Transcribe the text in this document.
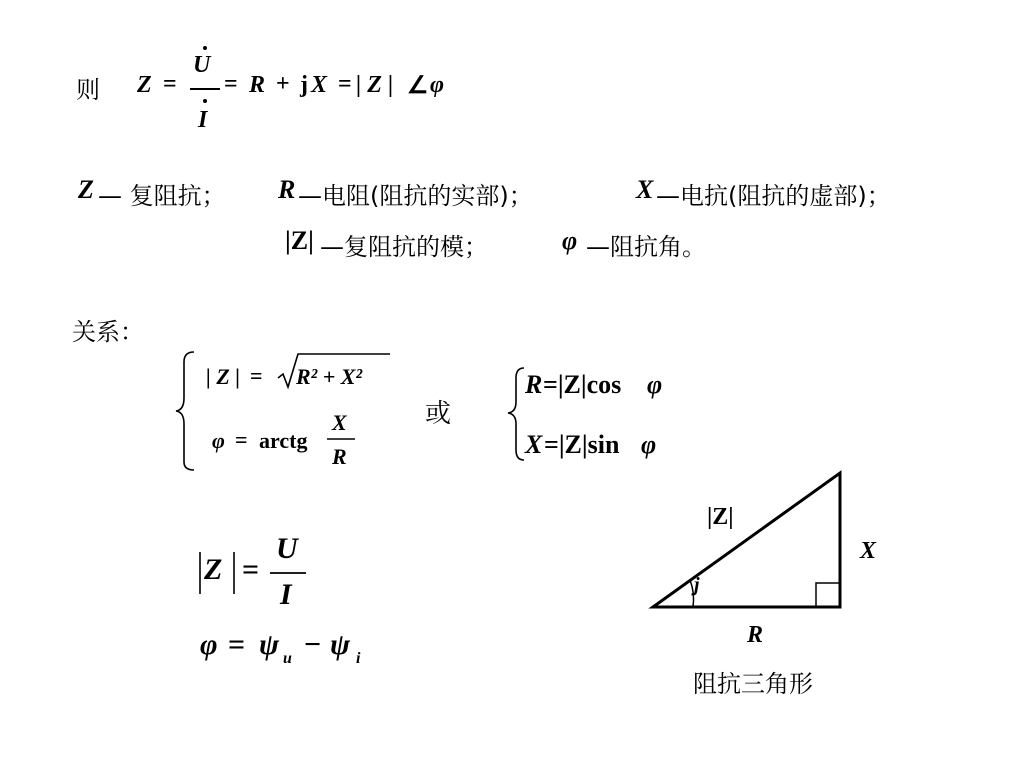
则 Z =
U
I
= R + j X = | Z | ∠ φ
Z — 复阻抗； R —电阻(阻抗的实部)；	X —电抗(阻抗的虚部)；
|Z| —复阻抗的模；	φ —阻抗角。
关系：
| Z | = R² + X²
φ = arctg
X
R
或
R =|Z|cos φ
X =|Z|sin φ
Z =
U
I
φ = ψ u − ψ i
|Z|
X
R
j
阻抗三角形
